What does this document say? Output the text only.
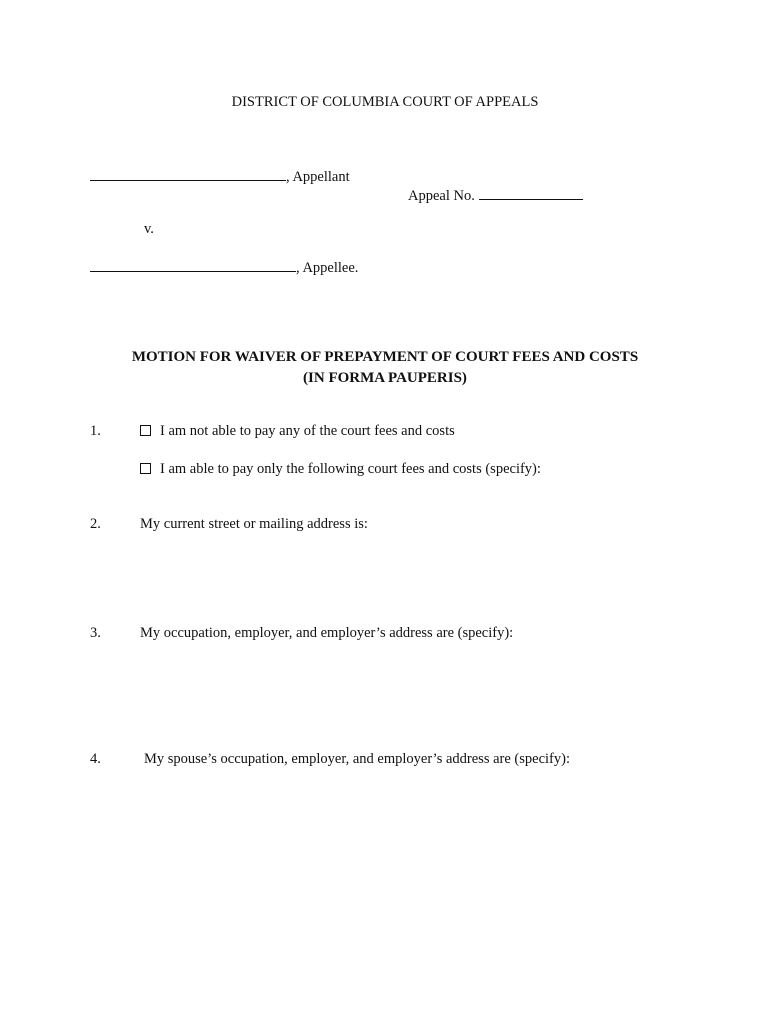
DISTRICT OF COLUMBIA COURT OF APPEALS
, Appellant
Appeal No.
v.
, Appellee.
MOTION FOR WAIVER OF PREPAYMENT OF COURT FEES AND COSTS
(IN FORMA PAUPERIS)
1.	I am not able to pay any of the court fees and costs
I am able to pay only the following court fees and costs (specify):
2.	My current street or mailing address is:
3.	My occupation, employer, and employer’s address are (specify):
4.	My spouse’s occupation, employer, and employer’s address are (specify):
